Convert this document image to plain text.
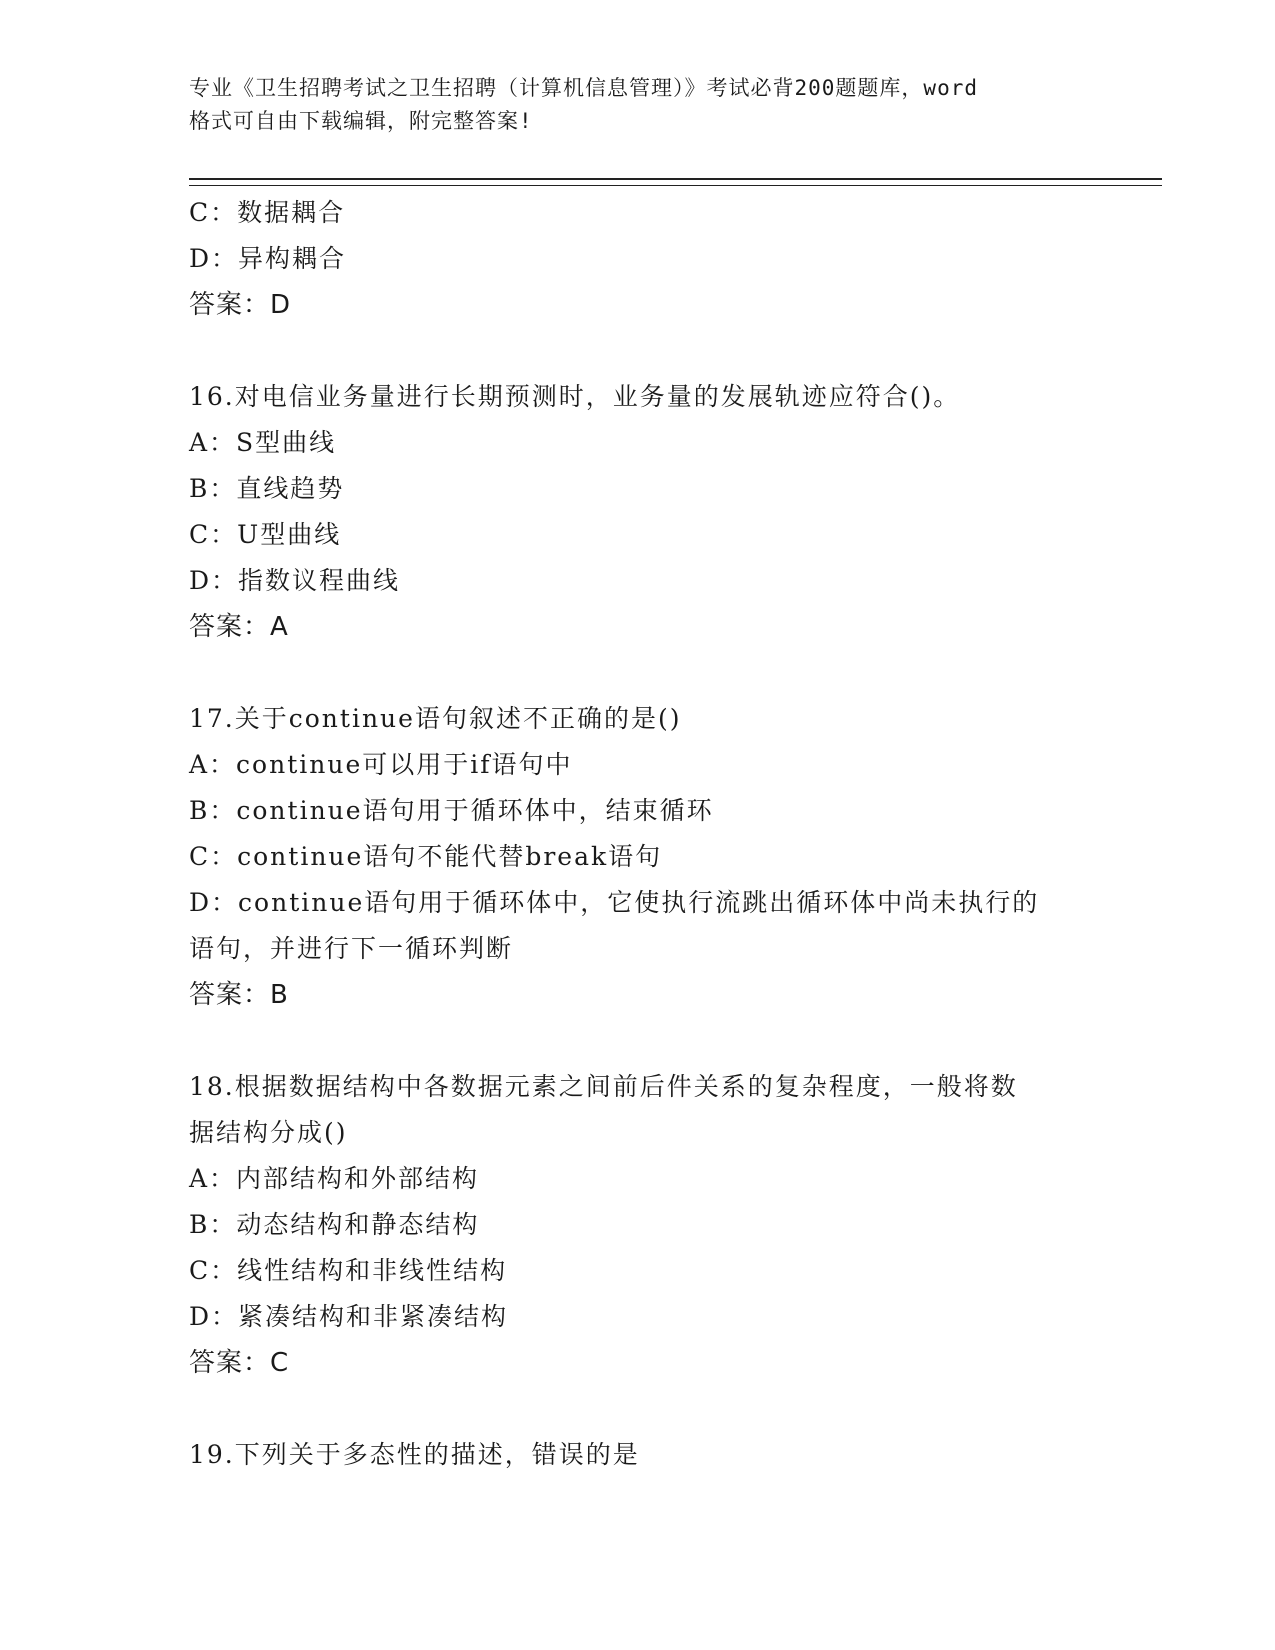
专业《卫生招聘考试之卫生招聘（计算机信息管理）》考试必背200题题库，word
格式可自由下载编辑，附完整答案!
C：数据耦合
D：异构耦合
答案：D
16.对电信业务量进行长期预测时，业务量的发展轨迹应符合()。
A：S型曲线
B：直线趋势
C：U型曲线
D：指数议程曲线
答案：A
17.关于continue语句叙述不正确的是()
A：continue可以用于if语句中
B：continue语句用于循环体中，结束循环
C：continue语句不能代替break语句
D：continue语句用于循环体中，它使执行流跳出循环体中尚未执行的
语句，并进行下一循环判断
答案：B
18.根据数据结构中各数据元素之间前后件关系的复杂程度，一般将数
据结构分成()
A：内部结构和外部结构
B：动态结构和静态结构
C：线性结构和非线性结构
D：紧凑结构和非紧凑结构
答案：C
19.下列关于多态性的描述，错误的是
